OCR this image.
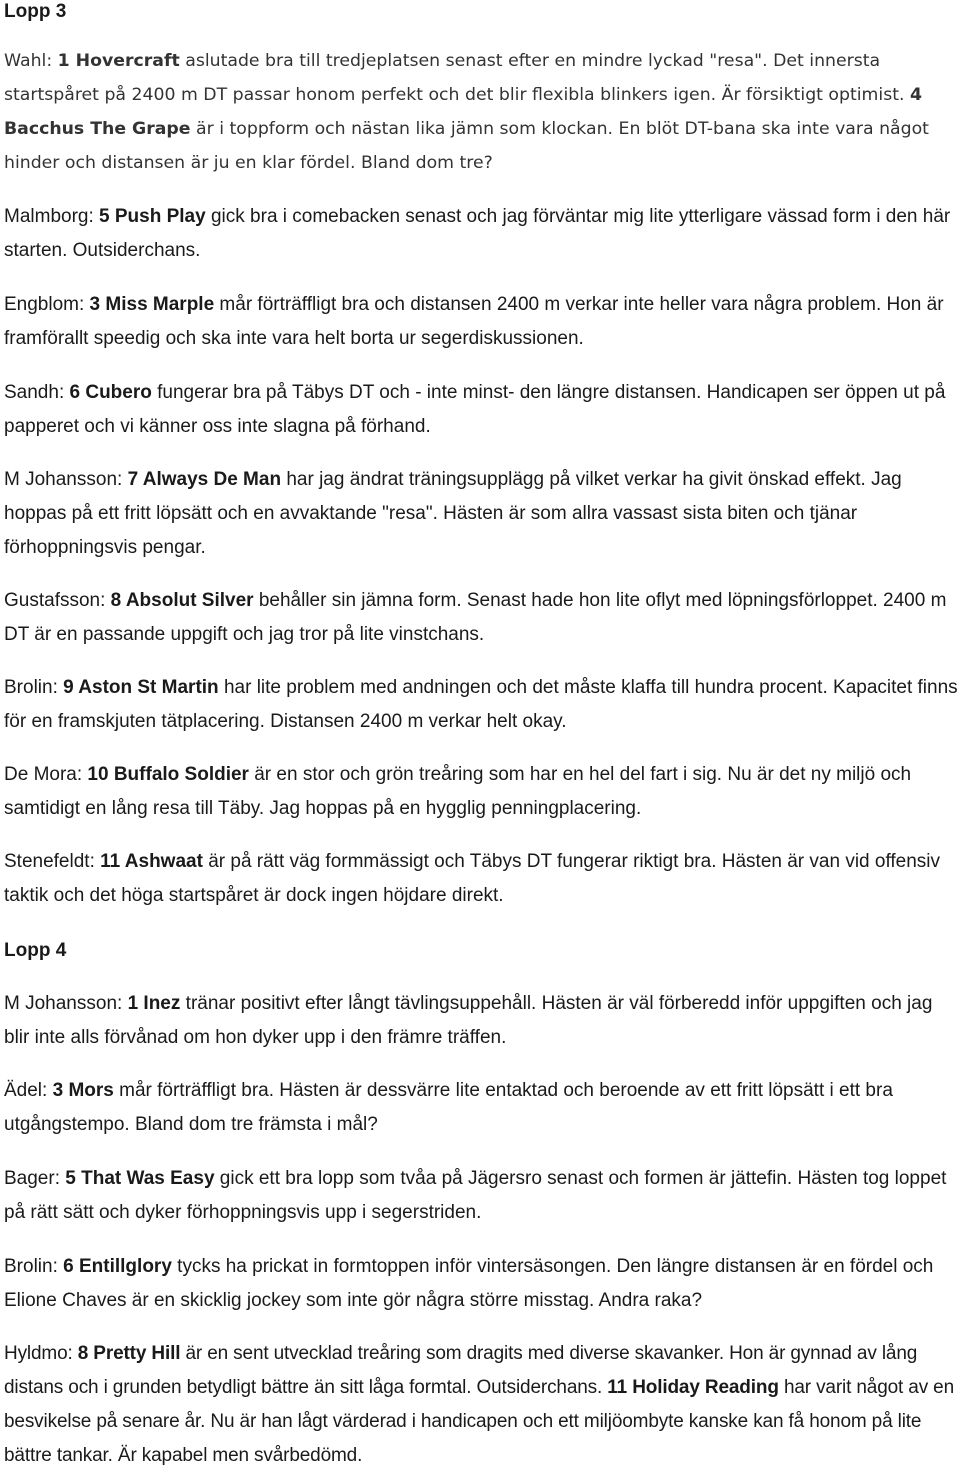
Lopp 3

Wahl: 1 Hovercraft aslutade bra till tredjeplatsen senast efter en mindre lyckad "resa". Det innersta startspåret på 2400 m DT passar honom perfekt och det blir flexibla blinkers igen. Är försiktigt optimist. 4 Bacchus The Grape är i toppform och nästan lika jämn som klockan. En blöt DT-bana ska inte vara något hinder och distansen är ju en klar fördel. Bland dom tre?

Malmborg: 5 Push Play gick bra i comebacken senast och jag förväntar mig lite ytterligare vässad form i den här starten. Outsiderchans.

Engblom: 3 Miss Marple mår förträffligt bra och distansen 2400 m verkar inte heller vara några problem. Hon är framförallt speedig och ska inte vara helt borta ur segerdiskussionen.

Sandh: 6 Cubero fungerar bra på Täbys DT och - inte minst- den längre distansen. Handicapen ser öppen ut på papperet och vi känner oss inte slagna på förhand.

M Johansson: 7 Always De Man har jag ändrat träningsupplägg på vilket verkar ha givit önskad effekt. Jag hoppas på ett fritt löpsätt och en avvaktande "resa". Hästen är som allra vassast sista biten och tjänar förhoppningsvis pengar.

Gustafsson: 8 Absolut Silver behåller sin jämna form. Senast hade hon lite oflyt med löpningsförloppet. 2400 m DT är en passande uppgift och jag tror på lite vinstchans.

Brolin: 9 Aston St Martin har lite problem med andningen och det måste klaffa till hundra procent. Kapacitet finns för en framskjuten tätplacering. Distansen 2400 m verkar helt okay.

De Mora: 10 Buffalo Soldier är en stor och grön treåring som har en hel del fart i sig. Nu är det ny miljö och samtidigt en lång resa till Täby. Jag hoppas på en hygglig penningplacering.

Stenefeldt: 11 Ashwaat är på rätt väg formmässigt och Täbys DT fungerar riktigt bra. Hästen är van vid offensiv taktik och det höga startspåret är dock ingen höjdare direkt.

Lopp 4

M Johansson: 1 Inez tränar positivt efter långt tävlingsuppehåll. Hästen är väl förberedd inför uppgiften och jag blir inte alls förvånad om hon dyker upp i den främre träffen.

Ädel: 3 Mors mår förträffligt bra. Hästen är dessvärre lite entaktad och beroende av ett fritt löpsätt i ett bra utgångstempo. Bland dom tre främsta i mål?

Bager: 5 That Was Easy gick ett bra lopp som tvåa på Jägersro senast och formen är jättefin. Hästen tog loppet på rätt sätt och dyker förhoppningsvis upp i segerstriden.

Brolin: 6 Entillglory tycks ha prickat in formtoppen inför vintersäsongen. Den längre distansen är en fördel och Elione Chaves är en skicklig jockey som inte gör några större misstag. Andra raka?

Hyldmo: 8 Pretty Hill är en sent utvecklad treåring som dragits med diverse skavanker. Hon är gynnad av lång distans och i grunden betydligt bättre än sitt låga formtal. Outsiderchans. 11 Holiday Reading har varit något av en besvikelse på senare år. Nu är han lågt värderad i handicapen och ett miljöombyte kanske kan få honom på lite bättre tankar. Är kapabel men svårbedömd.
